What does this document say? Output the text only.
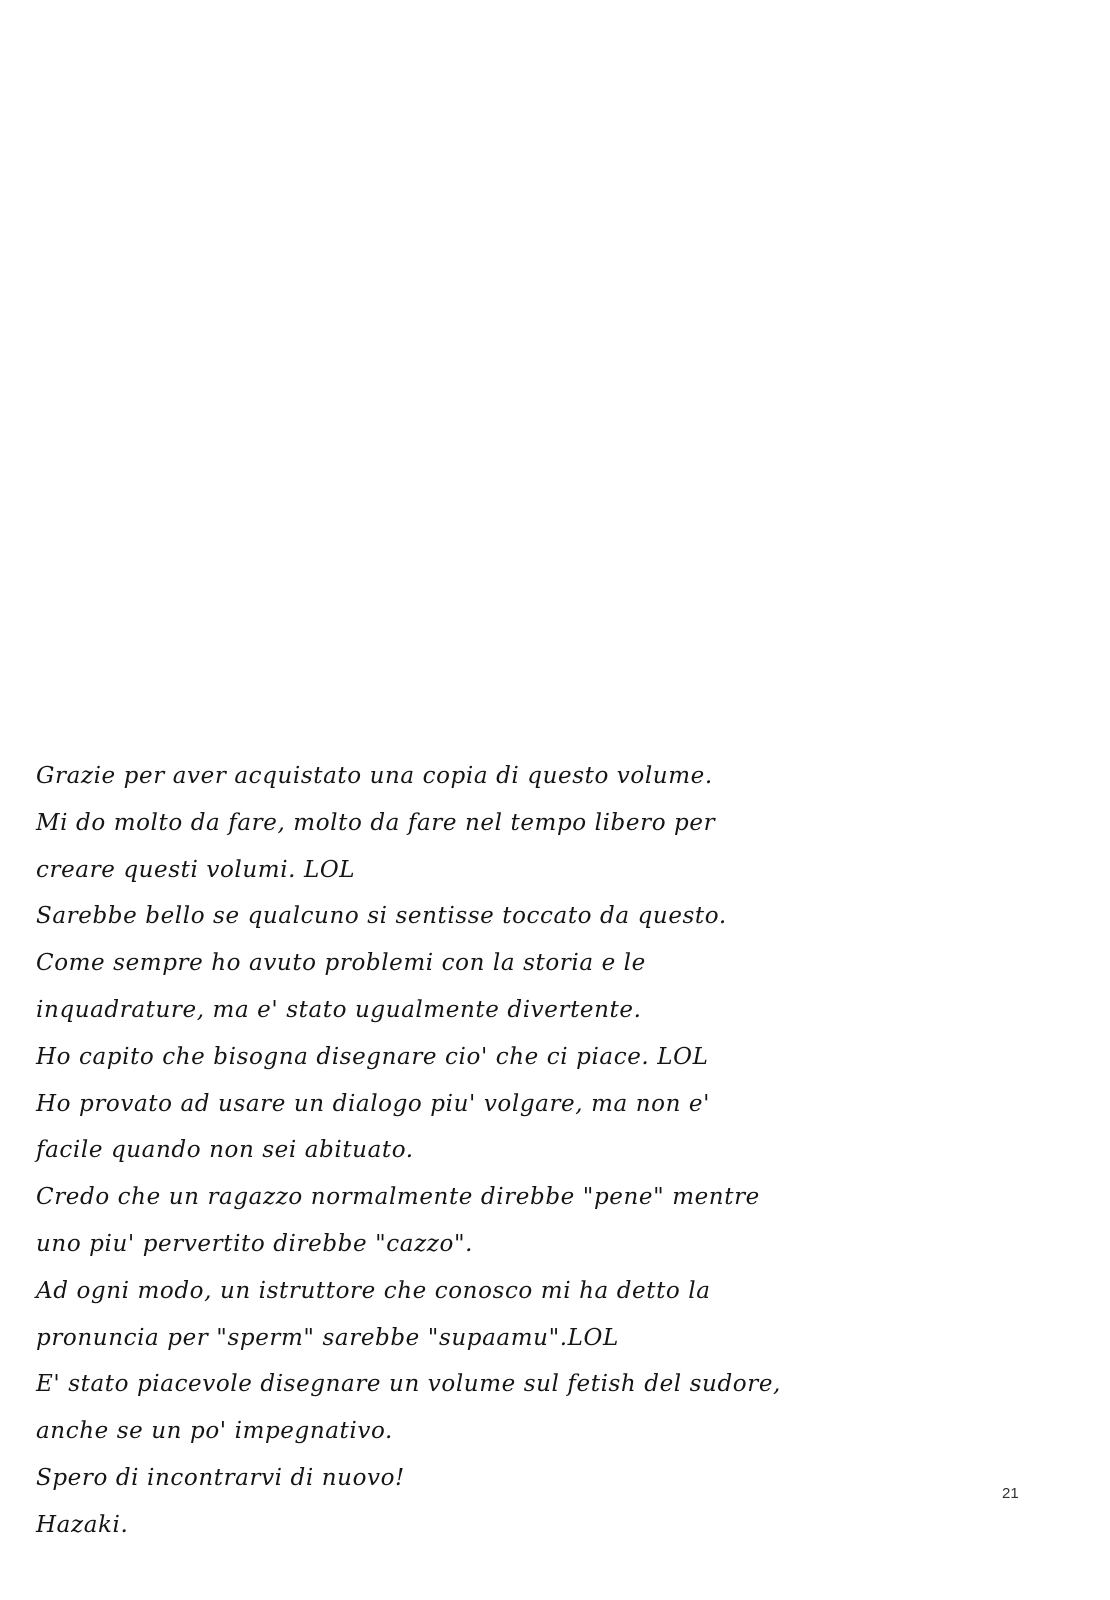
Grazie per aver acquistato una copia di questo volume.
Mi do molto da fare, molto da fare nel tempo libero per
creare questi volumi. LOL
Sarebbe bello se qualcuno si sentisse toccato da questo.
Come sempre ho avuto problemi con la storia e le
inquadrature, ma e' stato ugualmente divertente.
Ho capito che bisogna disegnare cio' che ci piace. LOL
Ho provato ad usare un dialogo piu' volgare, ma non e'
facile quando non sei abituato.
Credo che un ragazzo normalmente direbbe "pene" mentre
uno piu' pervertito direbbe "cazzo".
Ad ogni modo, un istruttore che conosco mi ha detto la
pronuncia per "sperm" sarebbe "supaamu".LOL
E' stato piacevole disegnare un volume sul fetish del sudore,
anche se un po' impegnativo.
Spero di incontrarvi di nuovo!
Hazaki.
21
